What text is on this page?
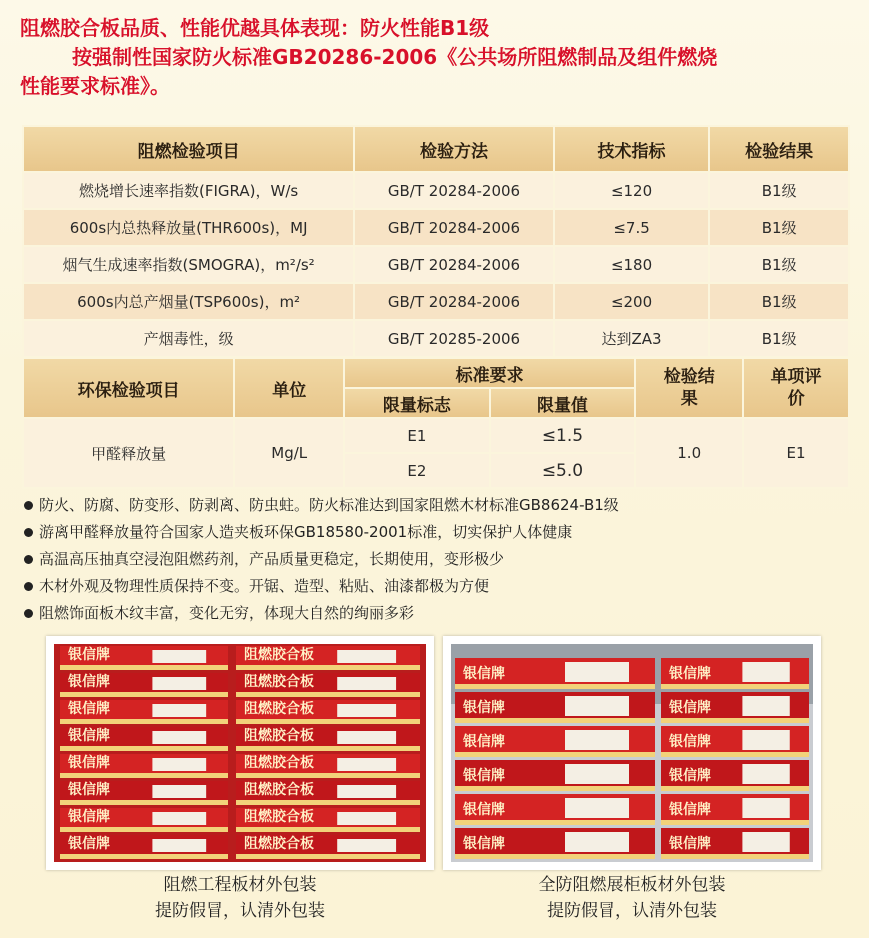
阻燃胶合板品质、性能优越具体表现：防火性能B1级
按强制性国家防火标准GB20286-2006《公共场所阻燃制品及组件燃烧
性能要求标准》。
阻燃检验项目	检验方法	技术指标	检验结果
燃烧增长速率指数(FIGRA)，W/s	GB/T 20284-2006	≤120	B1级
600s内总热释放量(THR600s)，MJ	GB/T 20284-2006	≤7.5	B1级
烟气生成速率指数(SMOGRA)，m²/s²	GB/T 20284-2006	≤180	B1级
600s内总产烟量(TSP600s)，m²	GB/T 20284-2006	≤200	B1级
产烟毒性，级	GB/T 20285-2006	达到ZA3	B1级
环保检验项目	单位	标准要求		检验结果	单项评价
		限量标志	限量值		
甲醛释放量	Mg/L	E1	≤1.5	1.0	E1
		E2	≤5.0		
防火、防腐、防变形、防剥离、防虫蛀。防火标准达到国家阻燃木材标准GB8624-B1级
游离甲醛释放量符合国家人造夹板环保GB18580-2001标准，切实保护人体健康
高温高压抽真空浸泡阻燃药剂，产品质量更稳定，长期使用，变形极少
木材外观及物理性质保持不变。开锯、造型、粘贴、油漆都极为方便
阻燃饰面板木纹丰富，变化无穷，体现大自然的绚丽多彩
银信牌
银信牌
银信牌
银信牌
银信牌
银信牌
银信牌
银信牌
阻燃胶合板
阻燃胶合板
阻燃胶合板
阻燃胶合板
阻燃胶合板
阻燃胶合板
阻燃胶合板
阻燃胶合板
银信牌
银信牌
银信牌
银信牌
银信牌
银信牌
银信牌
银信牌
银信牌
银信牌
银信牌
银信牌
阻燃工程板材外包装
提防假冒，认清外包装
全防阻燃展柜板材外包装
提防假冒，认清外包装
